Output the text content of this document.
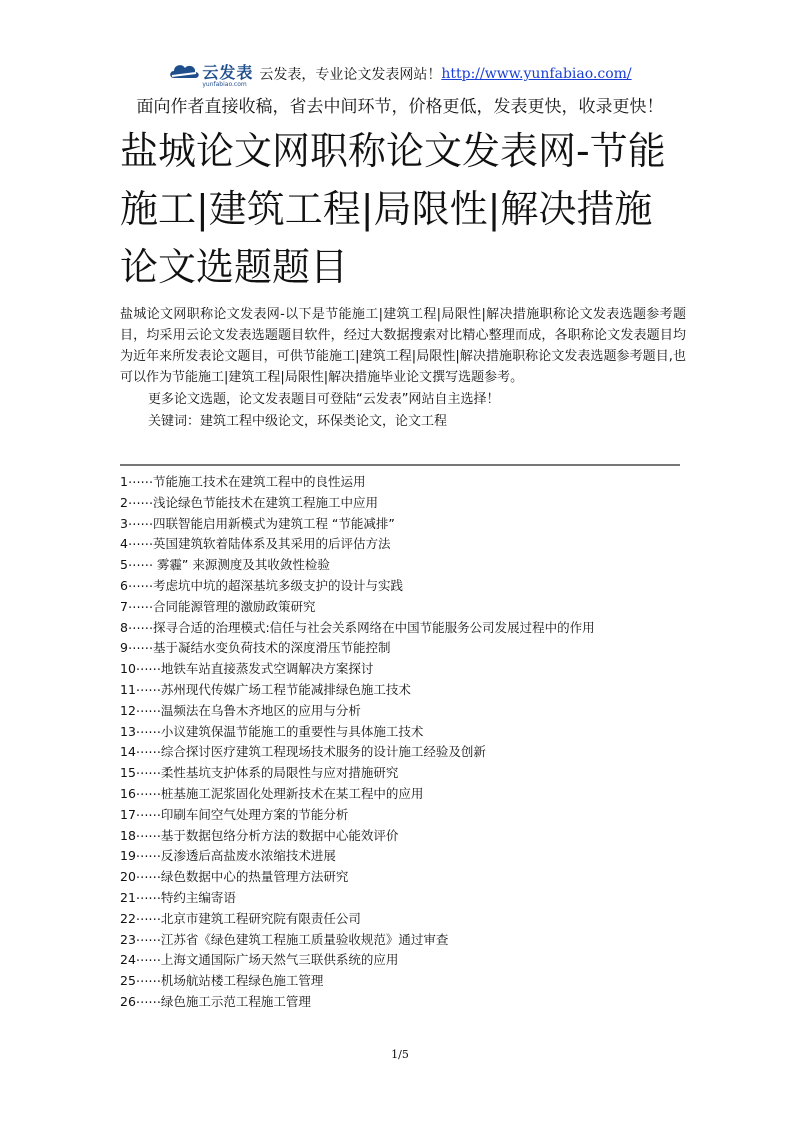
云发表
yunfabiao.com
云发表，专业论文发表网站！ http://www.yunfabiao.com/
面向作者直接收稿，省去中间环节，价格更低，发表更快，收录更快！
盐城论文网职称论文发表网-节能施工|建筑工程|局限性|解决措施论文选题题目

盐城论文网职称论文发表网-以下是节能施工|建筑工程|局限性|解决措施职称论文发表选题参考题目，均采用云论文发表选题题目软件，经过大数据搜索对比精心整理而成，各职称论文发表题目均为近年来所发表论文题目，可供节能施工|建筑工程|局限性|解决措施职称论文发表选题参考题目,也可以作为节能施工|建筑工程|局限性|解决措施毕业论文撰写选题参考。

更多论文选题，论文发表题目可登陆“云发表”网站自主选择！

关键词：建筑工程中级论文，环保类论文，论文工程

1⋯⋯节能施工技术在建筑工程中的良性运用
2⋯⋯浅论绿色节能技术在建筑工程施工中应用
3⋯⋯四联智能启用新模式为建筑工程 “节能减排”
4⋯⋯英国建筑软着陆体系及其采用的后评估方法
5⋯⋯ 雾霾” 来源测度及其收敛性检验
6⋯⋯考虑坑中坑的超深基坑多级支护的设计与实践
7⋯⋯合同能源管理的激励政策研究
8⋯⋯探寻合适的治理模式:信任与社会关系网络在中国节能服务公司发展过程中的作用
9⋯⋯基于凝结水变负荷技术的深度滑压节能控制
10⋯⋯地铁车站直接蒸发式空调解决方案探讨
11⋯⋯苏州现代传媒广场工程节能减排绿色施工技术
12⋯⋯温频法在乌鲁木齐地区的应用与分析
13⋯⋯小议建筑保温节能施工的重要性与具体施工技术
14⋯⋯综合探讨医疗建筑工程现场技术服务的设计施工经验及创新
15⋯⋯柔性基坑支护体系的局限性与应对措施研究
16⋯⋯桩基施工泥浆固化处理新技术在某工程中的应用
17⋯⋯印刷车间空气处理方案的节能分析
18⋯⋯基于数据包络分析方法的数据中心能效评价
19⋯⋯反渗透后高盐废水浓缩技术进展
20⋯⋯绿色数据中心的热量管理方法研究
21⋯⋯特约主编寄语
22⋯⋯北京市建筑工程研究院有限责任公司
23⋯⋯江苏省《绿色建筑工程施工质量验收规范》通过审查
24⋯⋯上海文通国际广场天然气三联供系统的应用
25⋯⋯机场航站楼工程绿色施工管理
26⋯⋯绿色施工示范工程施工管理
1/5
